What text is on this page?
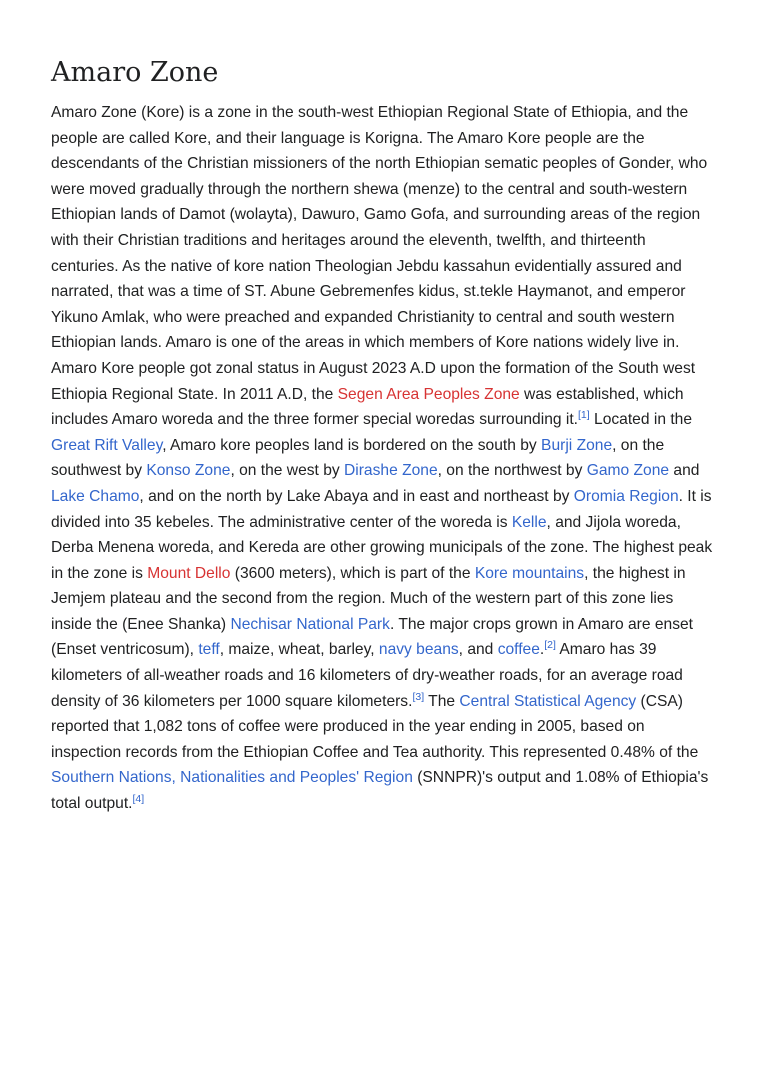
Amaro Zone

Amaro Zone (Kore) is a zone in the south-west Ethiopian Regional State of Ethiopia, and the people are called Kore, and their language is Korigna. The Amaro Kore people are the descendants of the Christian missioners of the north Ethiopian sematic peoples of Gonder, who were moved gradually through the northern shewa (menze) to the central and south-western Ethiopian lands of Damot (wolayta), Dawuro, Gamo Gofa, and surrounding areas of the region with their Christian traditions and heritages around the eleventh, twelfth, and thirteenth centuries. As the native of kore nation Theologian Jebdu kassahun evidentially assured and narrated, that was a time of ST. Abune Gebremenfes kidus, st.tekle Haymanot, and emperor Yikuno Amlak, who were preached and expanded Christianity to central and south western Ethiopian lands. Amaro is one of the areas in which members of Kore nations widely live in. Amaro Kore people got zonal status in August 2023 A.D upon the formation of the South west Ethiopia Regional State. In 2011 A.D, the Segen Area Peoples Zone was established, which includes Amaro woreda and the three former special woredas surrounding it.[1] Located in the Great Rift Valley, Amaro kore peoples land is bordered on the south by Burji Zone, on the southwest by Konso Zone, on the west by Dirashe Zone, on the northwest by Gamo Zone and Lake Chamo, and on the north by Lake Abaya and in east and northeast by Oromia Region. It is divided into 35 kebeles. The administrative center of the woreda is Kelle, and Jijola woreda, Derba Menena woreda, and Kereda are other growing municipals of the zone. The highest peak in the zone is Mount Dello (3600 meters), which is part of the Kore mountains, the highest in Jemjem plateau and the second from the region. Much of the western part of this zone lies inside the (Enee Shanka) Nechisar National Park. The major crops grown in Amaro are enset (Enset ventricosum), teff, maize, wheat, barley, navy beans, and coffee.[2] Amaro has 39 kilometers of all-weather roads and 16 kilometers of dry-weather roads, for an average road density of 36 kilometers per 1000 square kilometers.[3] The Central Statistical Agency (CSA) reported that 1,082 tons of coffee were produced in the year ending in 2005, based on inspection records from the Ethiopian Coffee and Tea authority. This represented 0.48% of the Southern Nations, Nationalities and Peoples' Region (SNNPR)'s output and 1.08% of Ethiopia's total output.[4]
